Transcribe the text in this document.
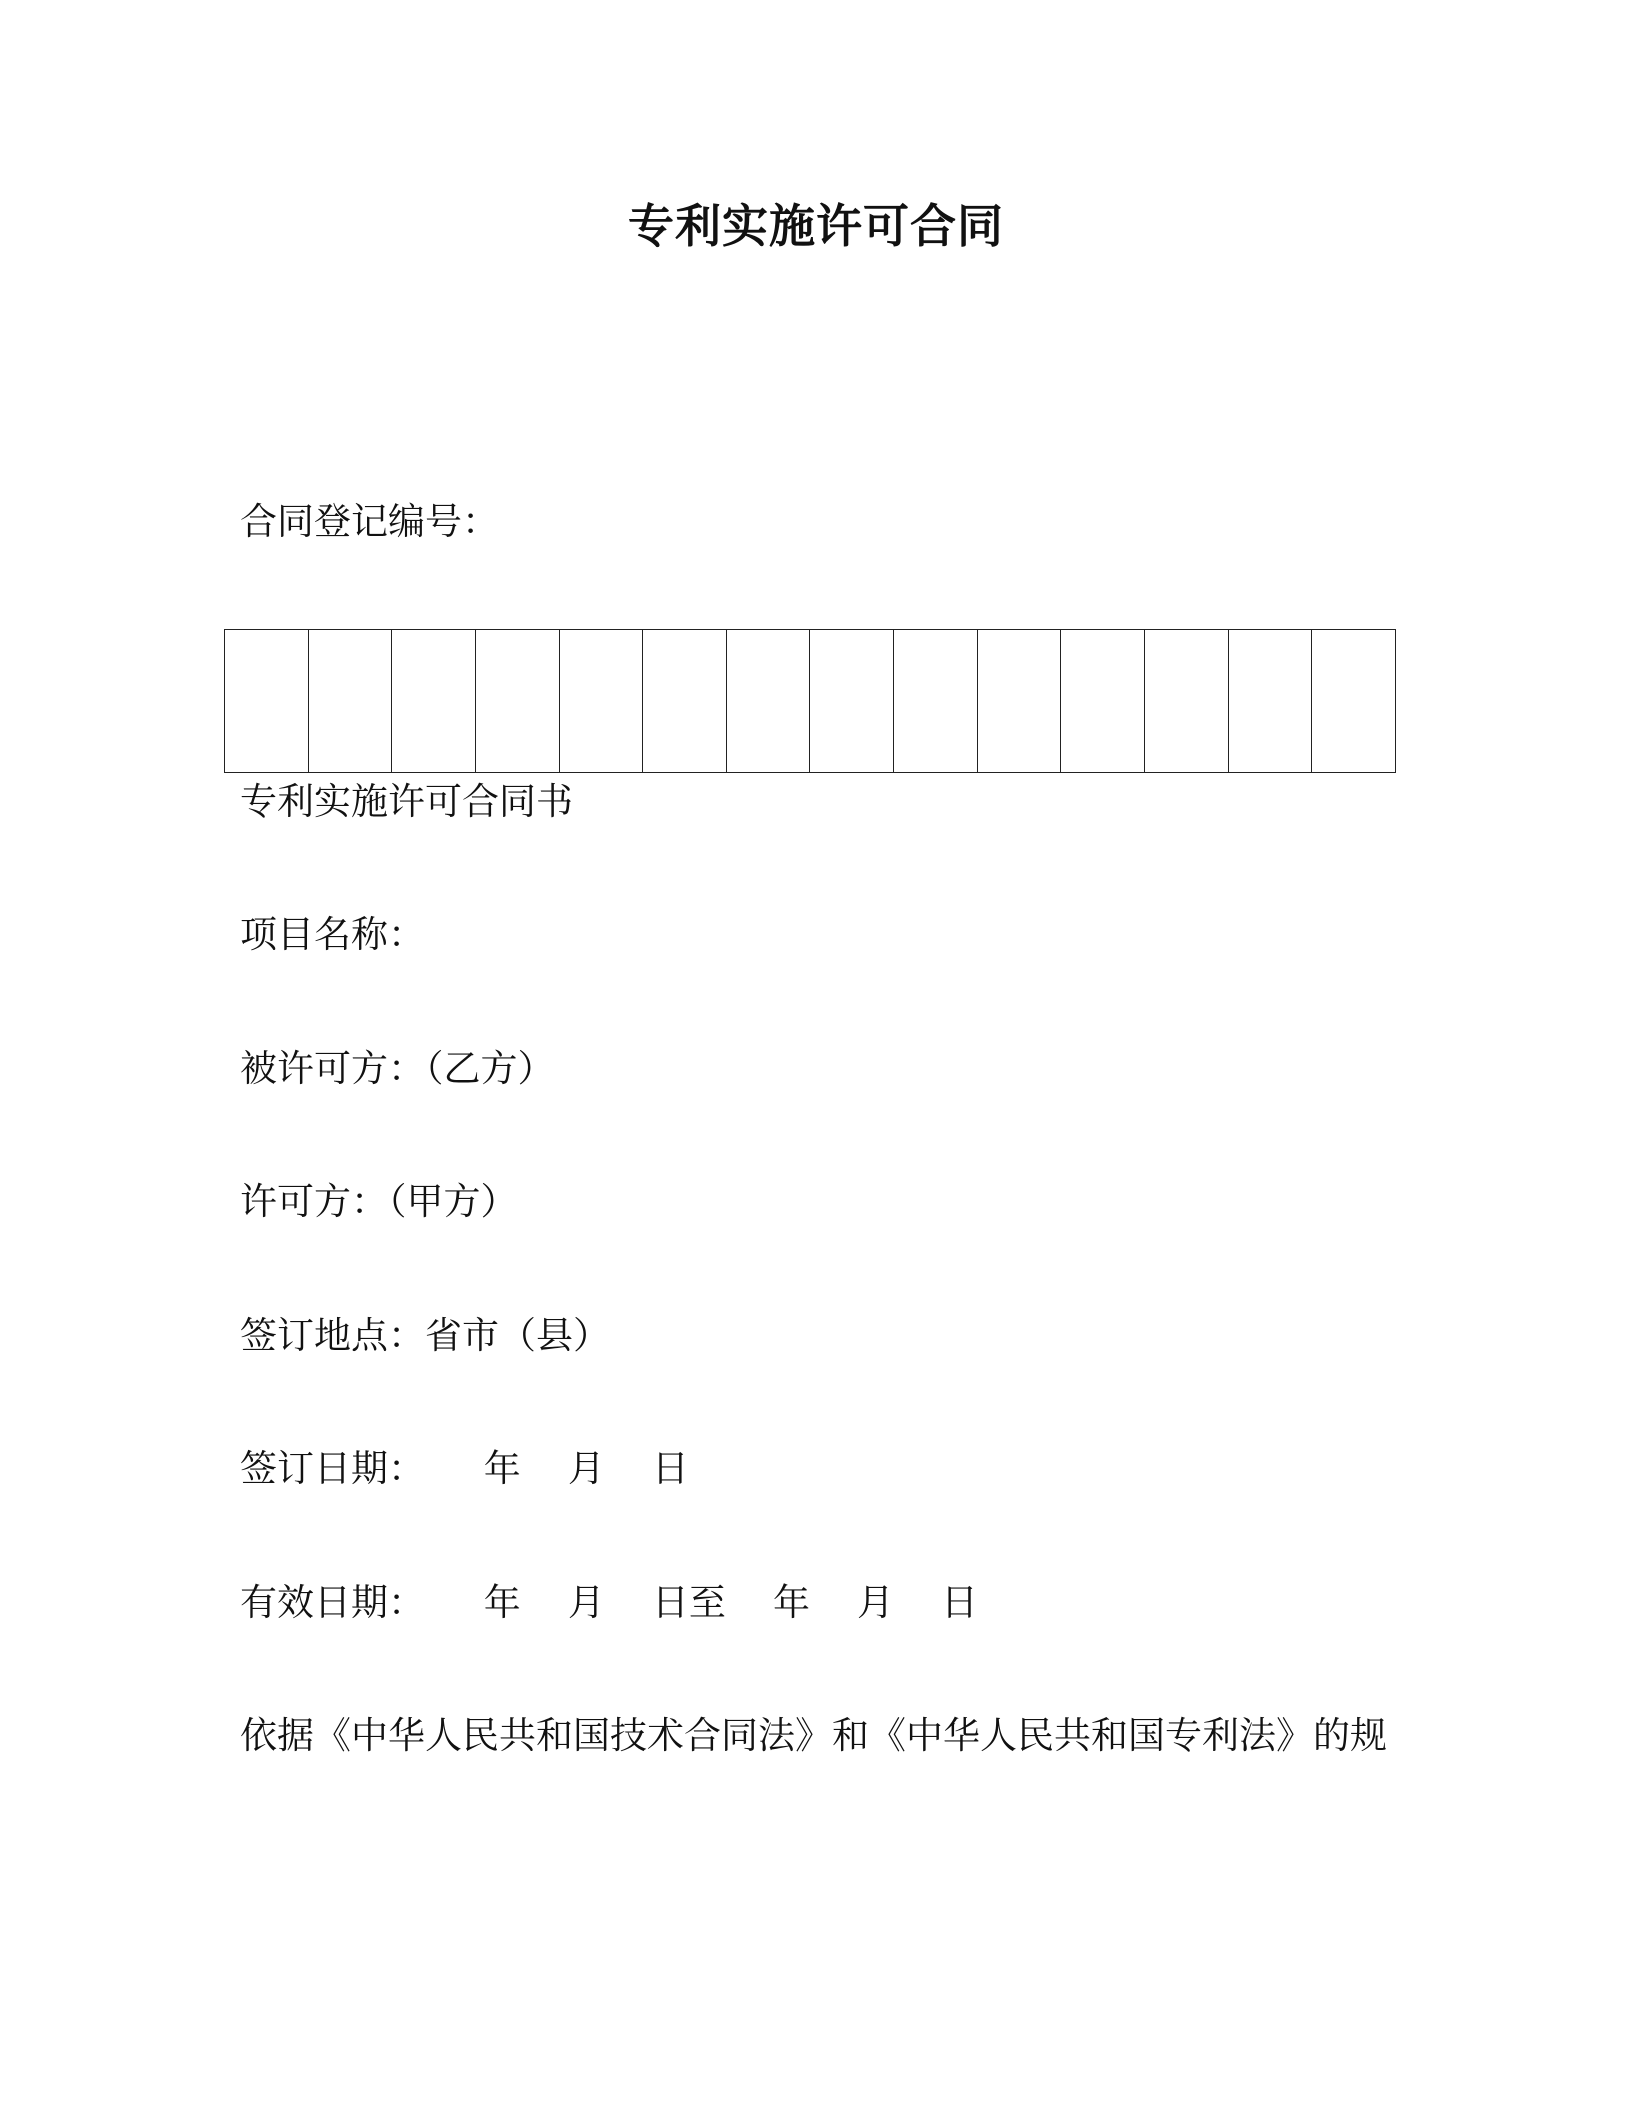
专利实施许可合同
合同登记编号：
专利实施许可合同书
项目名称：
被许可方：（乙方）
许可方：（甲方）
签订地点：省市（县）
签订日期：     年    月    日
有效日期：     年    月    日至    年    月    日
依据《中华人民共和国技术合同法》和《中华人民共和国专利法》的规
